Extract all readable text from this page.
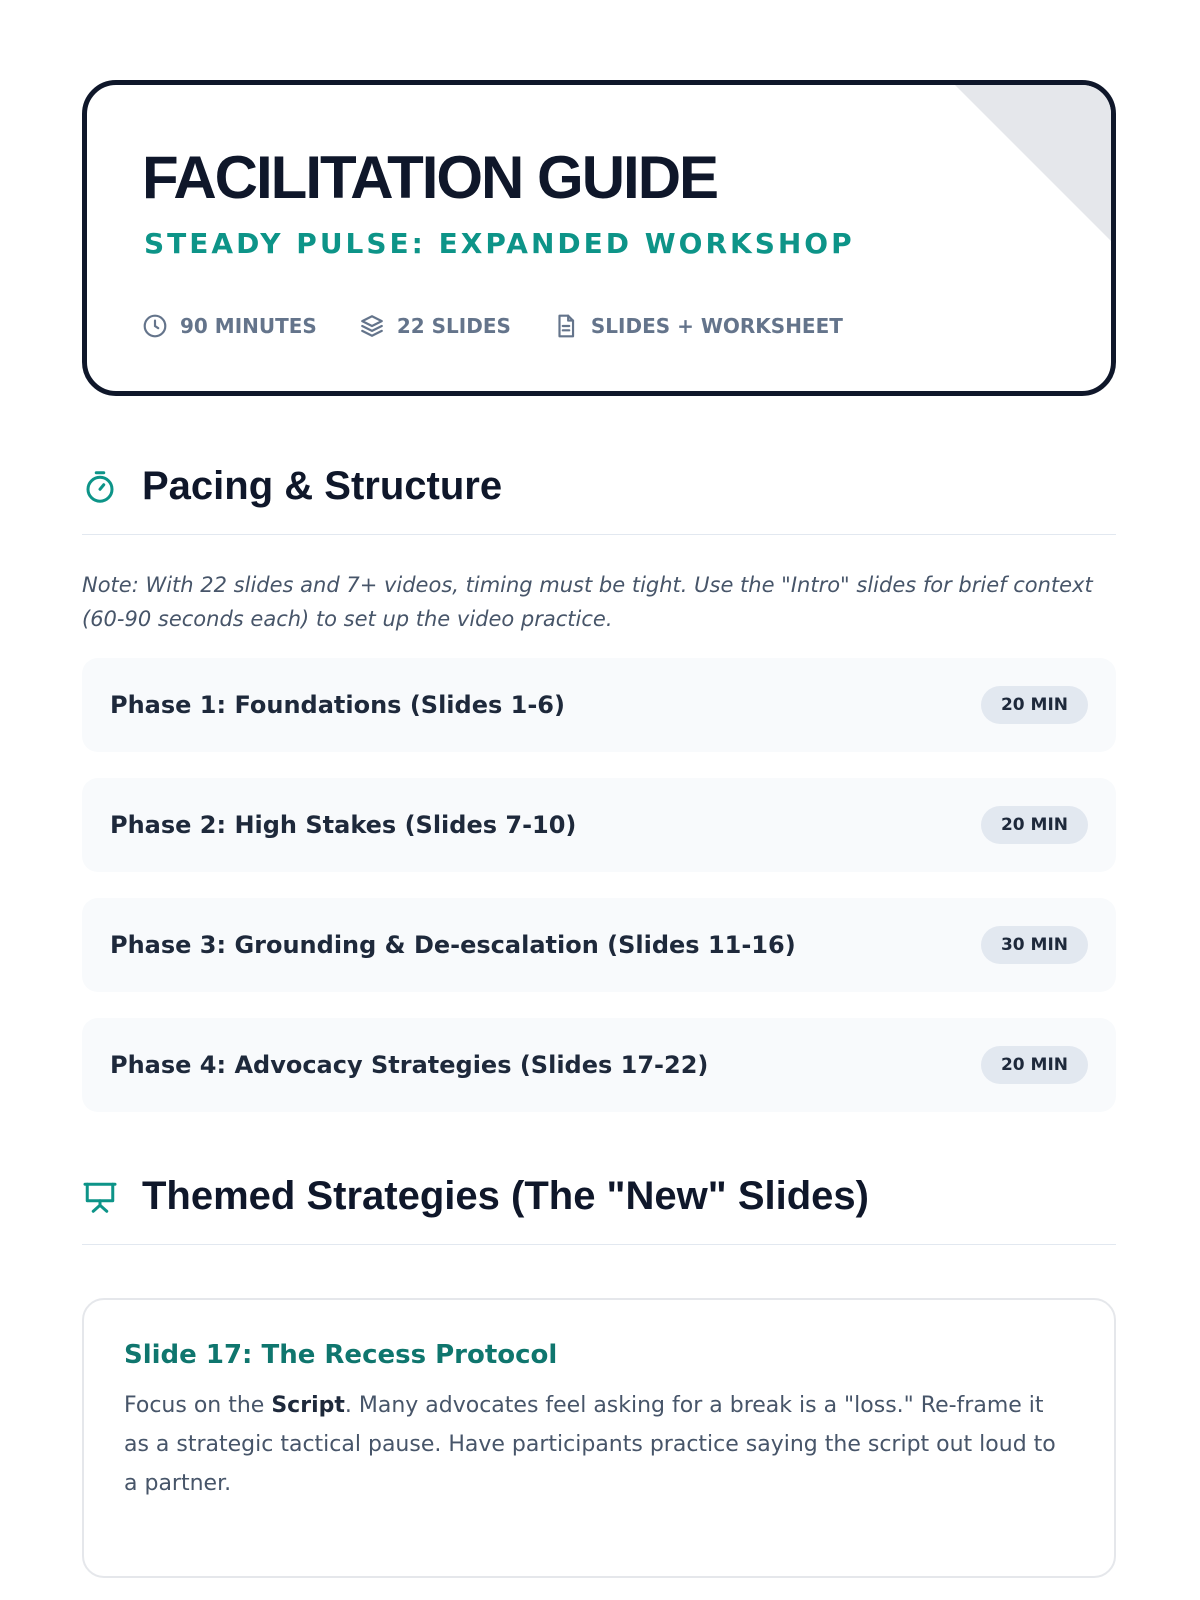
FACILITATION GUIDE
STEADY PULSE: EXPANDED WORKSHOP
90 MINUTES	22 SLIDES	SLIDES + WORKSHEET
Pacing & Structure

Note: With 22 slides and 7+ videos, timing must be tight. Use the "Intro" slides for brief context (60-90 seconds each) to set up the video practice.

Phase 1: Foundations (Slides 1-6)	20 MIN
Phase 2: High Stakes (Slides 7-10)	20 MIN
Phase 3: Grounding & De-escalation (Slides 11-16)	30 MIN
Phase 4: Advocacy Strategies (Slides 17-22)	20 MIN
Themed Strategies (The "New" Slides)
Slide 17: The Recess Protocol

Focus on the Script. Many advocates feel asking for a break is a "loss." Re-frame it as a strategic tactical pause. Have participants practice saying the script out loud to a partner.
